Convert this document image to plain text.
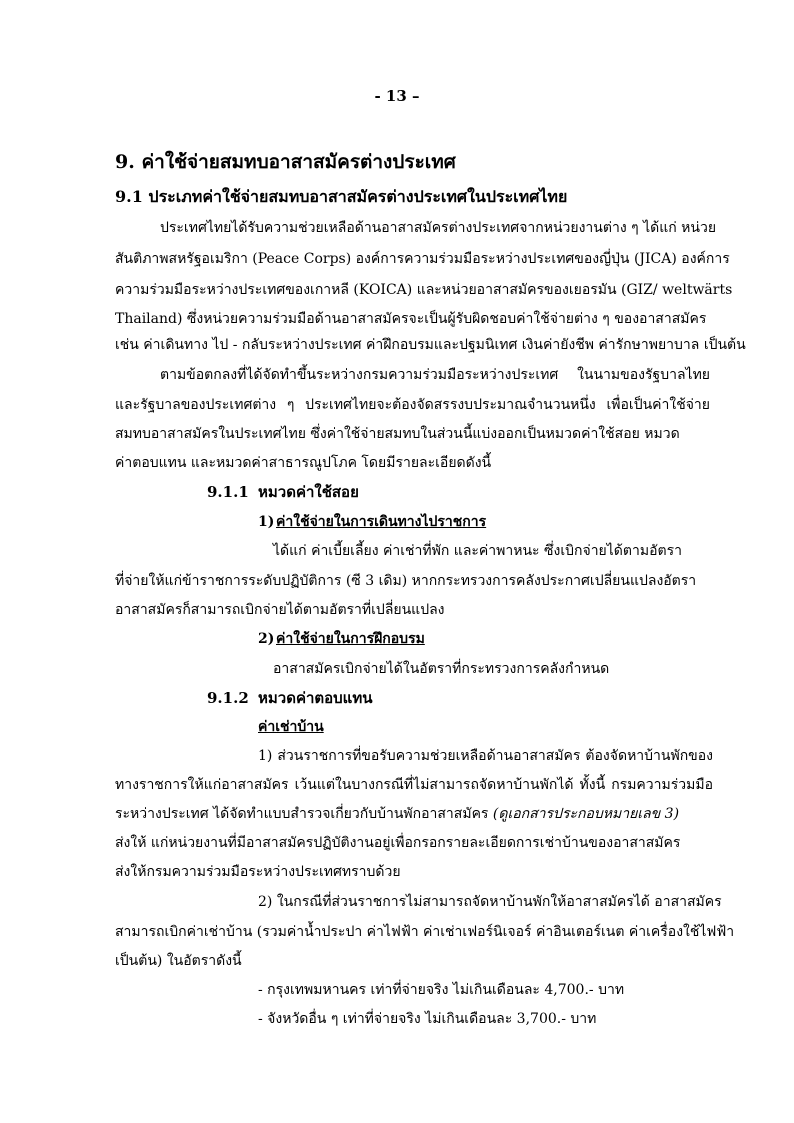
- 13 –
9. ค่าใช้จ่ายสมทบอาสาสมัครต่างประเทศ
9.1 ประเภทค่าใช้จ่ายสมทบอาสาสมัครต่างประเทศในประเทศไทย
ประเทศไทยได้รับความช่วยเหลือด้านอาสาสมัครต่างประเทศจากหน่วยงานต่าง ๆ ได้แก่ หน่วย
สันติภาพสหรัฐอเมริกา (Peace Corps) องค์การความร่วมมือระหว่างประเทศของญี่ปุ่น (JICA) องค์การ
ความร่วมมือระหว่างประเทศของเกาหลี (KOICA) และหน่วยอาสาสมัครของเยอรมัน (GIZ/ weltwärts
Thailand) ซึ่งหน่วยความร่วมมือด้านอาสาสมัครจะเป็นผู้รับผิดชอบค่าใช้จ่ายต่าง ๆ ของอาสาสมัคร
เช่น ค่าเดินทาง ไป - กลับระหว่างประเทศ ค่าฝึกอบรมและปฐมนิเทศ เงินค่ายังชีพ ค่ารักษาพยาบาล เป็นต้น
ตามข้อตกลงที่ได้จัดทำขึ้นระหว่างกรมความร่วมมือระหว่างประเทศ ในนามของรัฐบาลไทย
และรัฐบาลของประเทศต่าง ๆ ประเทศไทยจะต้องจัดสรรงบประมาณจำนวนหนึ่ง เพื่อเป็นค่าใช้จ่าย
สมทบอาสาสมัครในประเทศไทย ซึ่งค่าใช้จ่ายสมทบในส่วนนี้แบ่งออกเป็นหมวดค่าใช้สอย หมวด
ค่าตอบแทน และหมวดค่าสาธารณูปโภค โดยมีรายละเอียดดังนี้
9.1.1 หมวดค่าใช้สอย
1) ค่าใช้จ่ายในการเดินทางไปราชการ
ได้แก่ ค่าเบี้ยเลี้ยง ค่าเช่าที่พัก และค่าพาหนะ ซึ่งเบิกจ่ายได้ตามอัตรา
ที่จ่ายให้แก่ข้าราชการระดับปฏิบัติการ (ซี 3 เดิม) หากกระทรวงการคลังประกาศเปลี่ยนแปลงอัตรา
อาสาสมัครก็สามารถเบิกจ่ายได้ตามอัตราที่เปลี่ยนแปลง
2) ค่าใช้จ่ายในการฝึกอบรม
อาสาสมัครเบิกจ่ายได้ในอัตราที่กระทรวงการคลังกำหนด
9.1.2 หมวดค่าตอบแทน
ค่าเช่าบ้าน
1) ส่วนราชการที่ขอรับความช่วยเหลือด้านอาสาสมัคร ต้องจัดหาบ้านพักของ
ทางราชการให้แก่อาสาสมัคร เว้นแต่ในบางกรณีที่ไม่สามารถจัดหาบ้านพักได้ ทั้งนี้ กรมความร่วมมือ
ระหว่างประเทศ ได้จัดทำแบบสำรวจเกี่ยวกับบ้านพักอาสาสมัคร (ดูเอกสารประกอบหมายเลข 3)
ส่งให้ แก่หน่วยงานที่มีอาสาสมัครปฏิบัติงานอยู่เพื่อกรอกรายละเอียดการเช่าบ้านของอาสาสมัคร
ส่งให้กรมความร่วมมือระหว่างประเทศทราบด้วย
2) ในกรณีที่ส่วนราชการไม่สามารถจัดหาบ้านพักให้อาสาสมัครได้ อาสาสมัคร
สามารถเบิกค่าเช่าบ้าน (รวมค่าน้ำประปา ค่าไฟฟ้า ค่าเช่าเฟอร์นิเจอร์ ค่าอินเตอร์เนต ค่าเครื่องใช้ไฟฟ้า
เป็นต้น) ในอัตราดังนี้
- กรุงเทพมหานคร เท่าที่จ่ายจริง ไม่เกินเดือนละ 4,700.- บาท
- จังหวัดอื่น ๆ เท่าที่จ่ายจริง ไม่เกินเดือนละ 3,700.- บาท
